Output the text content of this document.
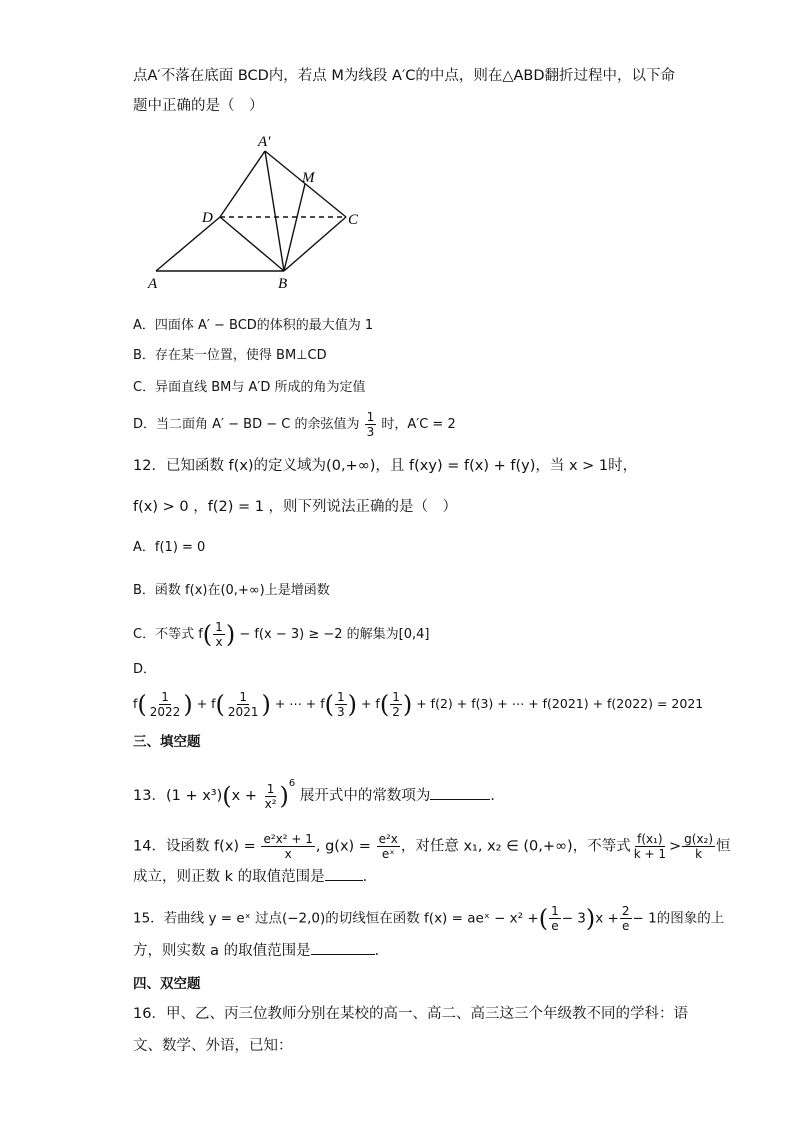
点A′不落在底面 BCD内，若点 M为线段 A′C的中点，则在△ABD翻折过程中，以下命
题中正确的是（　）
A′
M
D	C
A	B
A．四面体 A′ − BCD的体积的最大值为 1
B．存在某一位置，使得 BM⊥CD
C．异面直线 BM与 A′D 所成的角为定值
D．当二面角 A′ − BD − C 的余弦值为 $\frac{1}{3}$ 时，A′C = 2
12．已知函数 f(x)的定义域为(0,+∞)，且 f(xy) = f(x) + f(y)，当 x > 1时，
f(x) > 0 ，f(2) = 1 ，则下列说法正确的是（　）
A．f(1) = 0
B．函数 f(x)在(0,+∞)上是增函数
C．不等式 $f( \frac{1}{x}$ ) − f(x − 3) ≥ −2 的解集为[0,4]
D．
$f( \frac{1}{2022}$ ) + $f( \frac{1}{2021}$ ) + ⋯ + $f( \frac{1}{3}$ ) + $f( \frac{1}{2}$ ) + f(2) + f(3) + ⋯ + f(2021) + f(2022) = 2021
三、填空题
13．$(1 + x^3)(x + \frac{1}{\text{x²}} )^6$ 展开式中的常数项为	．
14．设函数 $f(x) = \frac{\text{e²x² + 1}}{x}$ , $g(x) = \frac{\text{e²x}}{\text{eˣ}}$ ，对任意 x₁, x₂ ∈ (0,+∞)，不等式 $\frac{\text{f(x₁)}}{k + 1} > \frac{\text{g(x₂)}}{k}$ 恒
成立，则正数 k 的取值范围是	．
15．若曲线 y = eˣ 过点(−2,0)的切线恒在函数 f(x) = aeˣ − x² +( $\frac{1}{e} - 3)x + \frac{2}{e} - 1$的图象的上
方，则实数 a 的取值范围是	．
四、双空题
16．甲、乙、丙三位教师分别在某校的高一、高二、高三这三个年级教不同的学科：语
文、数学、外语，已知：
